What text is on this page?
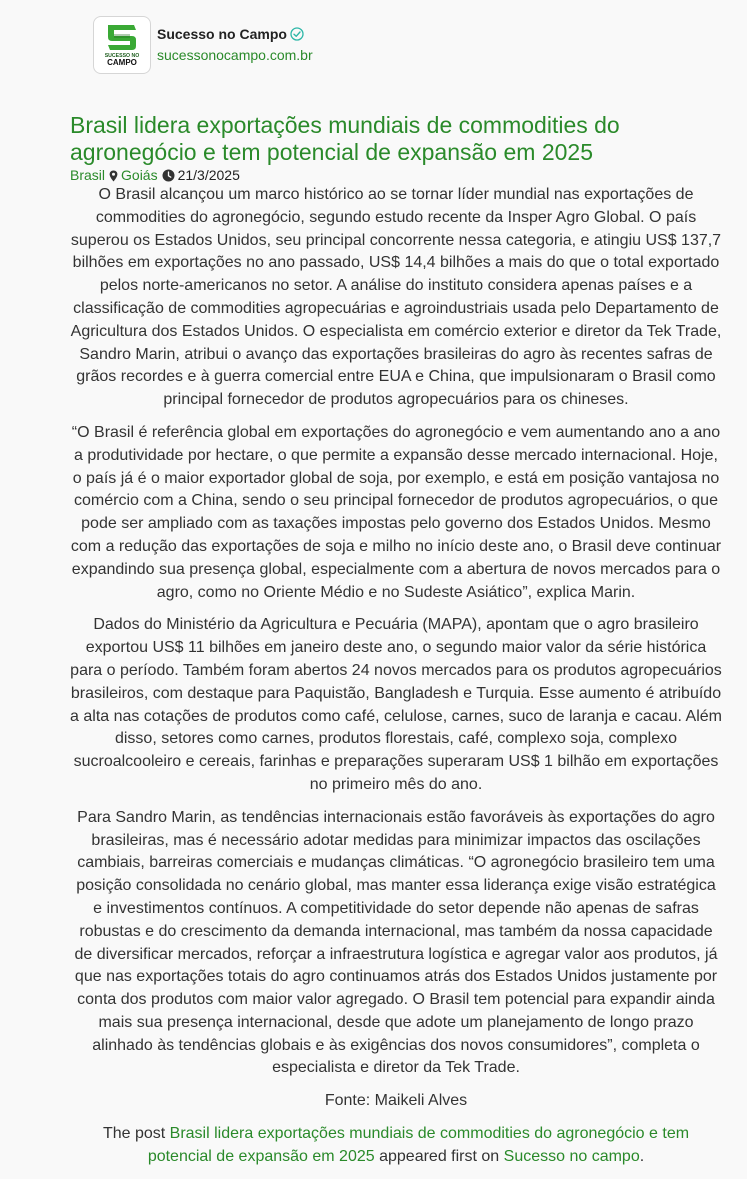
SUCESSO NO
CAMPO
Sucesso no Campo
sucessonocampo.com.br
Brasil lidera exportações mundiais de commodities do agronegócio e tem potencial de expansão em 2025
Brasil Goiás 21/3/2025

O Brasil alcançou um marco histórico ao se tornar líder mundial nas exportações de commodities do agronegócio, segundo estudo recente da Insper Agro Global. O país superou os Estados Unidos, seu principal concorrente nessa categoria, e atingiu US$ 137,7 bilhões em exportações no ano passado, US$ 14,4 bilhões a mais do que o total exportado pelos norte-americanos no setor. A análise do instituto considera apenas países e a classificação de commodities agropecuárias e agroindustriais usada pelo Departamento de Agricultura dos Estados Unidos. O especialista em comércio exterior e diretor da Tek Trade, Sandro Marin, atribui o avanço das exportações brasileiras do agro às recentes safras de grãos recordes e à guerra comercial entre EUA e China, que impulsionaram o Brasil como principal fornecedor de produtos agropecuários para os chineses.

“O Brasil é referência global em exportações do agronegócio e vem aumentando ano a ano a produtividade por hectare, o que permite a expansão desse mercado internacional. Hoje, o país já é o maior exportador global de soja, por exemplo, e está em posição vantajosa no comércio com a China, sendo o seu principal fornecedor de produtos agropecuários, o que pode ser ampliado com as taxações impostas pelo governo dos Estados Unidos. Mesmo com a redução das exportações de soja e milho no início deste ano, o Brasil deve continuar expandindo sua presença global, especialmente com a abertura de novos mercados para o agro, como no Oriente Médio e no Sudeste Asiático”, explica Marin.

Dados do Ministério da Agricultura e Pecuária (MAPA), apontam que o agro brasileiro exportou US$ 11 bilhões em janeiro deste ano, o segundo maior valor da série histórica para o período. Também foram abertos 24 novos mercados para os produtos agropecuários brasileiros, com destaque para Paquistão, Bangladesh e Turquia. Esse aumento é atribuído a alta nas cotações de produtos como café, celulose, carnes, suco de laranja e cacau. Além disso, setores como carnes, produtos florestais, café, complexo soja, complexo sucroalcooleiro e cereais, farinhas e preparações superaram US$ 1 bilhão em exportações no primeiro mês do ano.

Para Sandro Marin, as tendências internacionais estão favoráveis às exportações do agro brasileiras, mas é necessário adotar medidas para minimizar impactos das oscilações cambiais, barreiras comerciais e mudanças climáticas. “O agronegócio brasileiro tem uma posição consolidada no cenário global, mas manter essa liderança exige visão estratégica e investimentos contínuos. A competitividade do setor depende não apenas de safras robustas e do crescimento da demanda internacional, mas também da nossa capacidade de diversificar mercados, reforçar a infraestrutura logística e agregar valor aos produtos, já que nas exportações totais do agro continuamos atrás dos Estados Unidos justamente por conta dos produtos com maior valor agregado. O Brasil tem potencial para expandir ainda mais sua presença internacional, desde que adote um planejamento de longo prazo alinhado às tendências globais e às exigências dos novos consumidores”, completa o especialista e diretor da Tek Trade.

Fonte: Maikeli Alves

The post Brasil lidera exportações mundiais de commodities do agronegócio e tem potencial de expansão em 2025 appeared first on Sucesso no campo.
